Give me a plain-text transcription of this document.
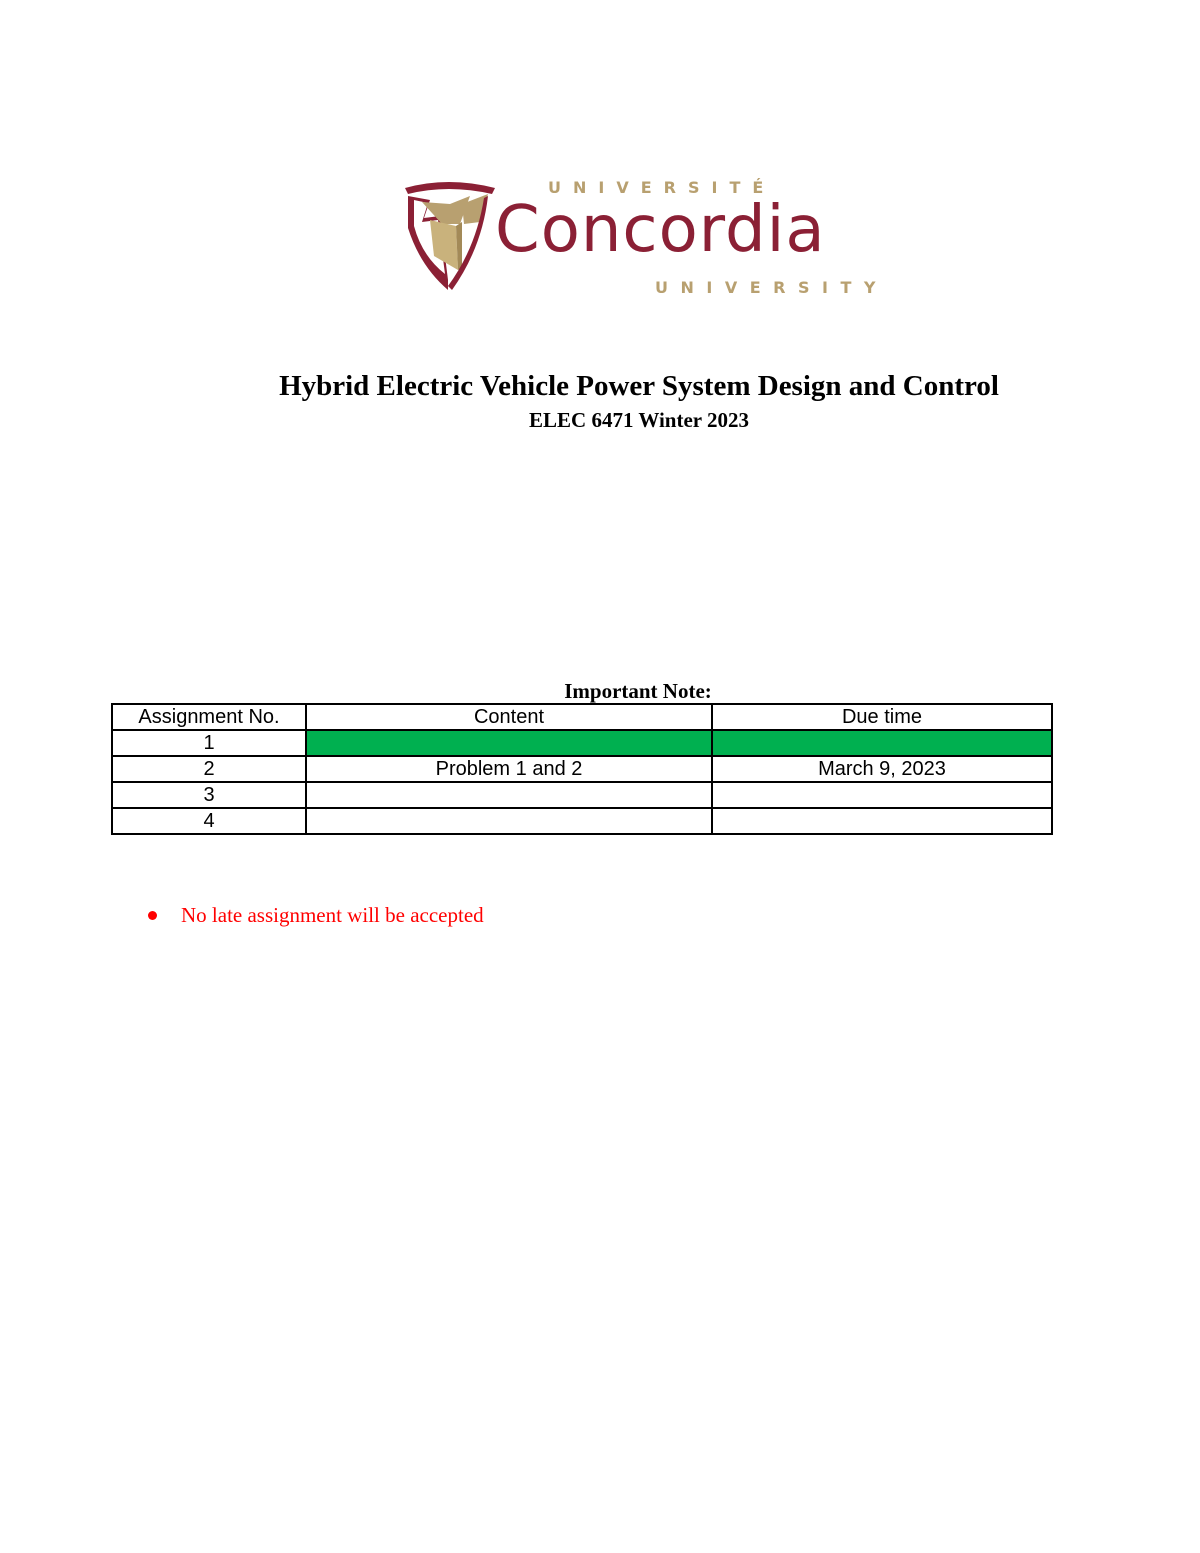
UNIVERSITÉ
Concordia
UNIVERSITY
Hybrid Electric Vehicle Power System Design and Control
ELEC 6471 Winter 2023
Important Note:
Assignment No.	Content	Due time
1		
2	Problem 1 and 2	March 9, 2023
3		
4		
No late assignment will be accepted
